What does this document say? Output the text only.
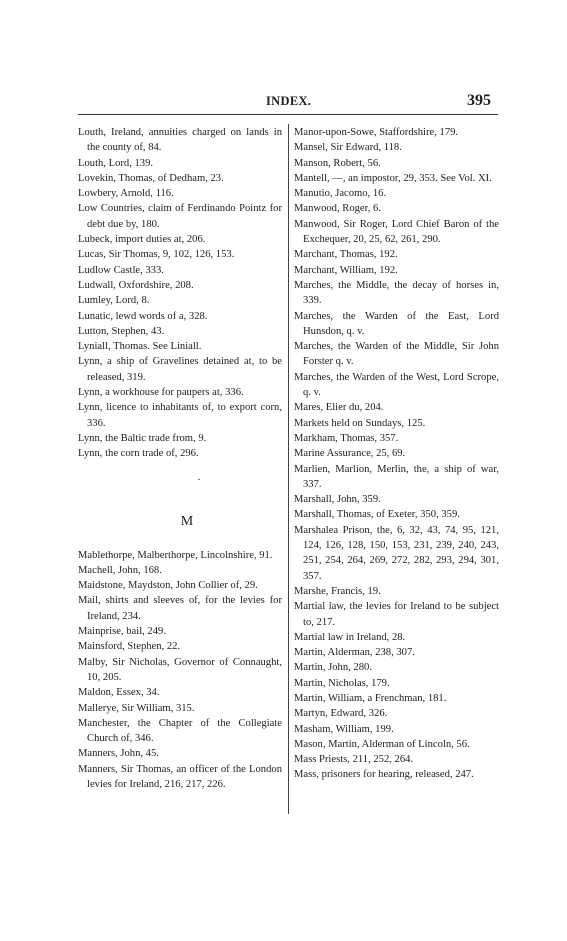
INDEX.	395

Louth, Ireland, annuities charged on lands in the county of, 84.

Louth, Lord, 139.

Lovekin, Thomas, of Dedham, 23.

Lowbery, Arnold, 116.

Low Countries, claim of Ferdinando Pointz for debt due by, 180.

Lubeck, import duties at, 206.

Lucas, Sir Thomas, 9, 102, 126, 153.

Ludlow Castle, 333.

Ludwall, Oxfordshire, 208.

Lumley, Lord, 8.

Lunatic, lewd words of a, 328.

Lutton, Stephen, 43.

Lyniall, Thomas. See Liniall.

Lynn, a ship of Gravelines detained at, to be released, 319.

Lynn, a workhouse for paupers at, 336.

Lynn, licence to inhabitants of, to export corn, 336.

Lynn, the Baltic trade from, 9.

Lynn, the corn trade of, 296.

.
M

Mablethorpe, Malberthorpe, Lincolnshire, 91.

Machell, John, 168.

Maidstone, Maydston, John Collier of, 29.

Mail, shirts and sleeves of, for the levies for Ireland, 234.

Mainprise, bail, 249.

Mainsford, Stephen, 22.

Malby, Sir Nicholas, Governor of Connaught, 10, 205.

Maldon, Essex, 34.

Mallerye, Sir William, 315.

Manchester, the Chapter of the Collegiate Church of, 346.

Manners, John, 45.

Manners, Sir Thomas, an officer of the London levies for Ireland, 216, 217, 226.

Manor-upon-Sowe, Staffordshire, 179.

Mansel, Sir Edward, 118.

Manson, Robert, 56.

Mantell, —, an impostor, 29, 353. See Vol. XI.

Manutio, Jacomo, 16.

Manwood, Roger, 6.

Manwood, Sir Roger, Lord Chief Baron of the Exchequer, 20, 25, 62, 261, 290.

Marchant, Thomas, 192.

Marchant, William, 192.

Marches, the Middle, the decay of horses in, 339.

Marches, the Warden of the East, Lord Hunsdon, q. v.

Marches, the Warden of the Middle, Sir John Forster q. v.

Marches, the Warden of the West, Lord Scrope, q. v.

Mares, Elier du, 204.

Markets held on Sundays, 125.

Markham, Thomas, 357.

Marine Assurance, 25, 69.

Marlien, Marlion, Merlin, the, a ship of war, 337.

Marshall, John, 359.

Marshall, Thomas, of Exeter, 350, 359.

Marshalea Prison, the, 6, 32, 43, 74, 95, 121, 124, 126, 128, 150, 153, 231, 239, 240, 243, 251, 254, 264, 269, 272, 282, 293, 294, 301, 357.

Marshe, Francis, 19.

Martial law, the levies for Ireland to be subject to, 217.

Martial law in Ireland, 28.

Martin, Alderman, 238, 307.

Martin, John, 280.

Martin, Nicholas, 179.

Martin, William, a Frenchman, 181.

Martyn, Edward, 326.

Masham, William, 199.

Mason, Martin, Alderman of Lincoln, 56.

Mass Priests, 211, 252, 264.

Mass, prisoners for hearing, released, 247.
